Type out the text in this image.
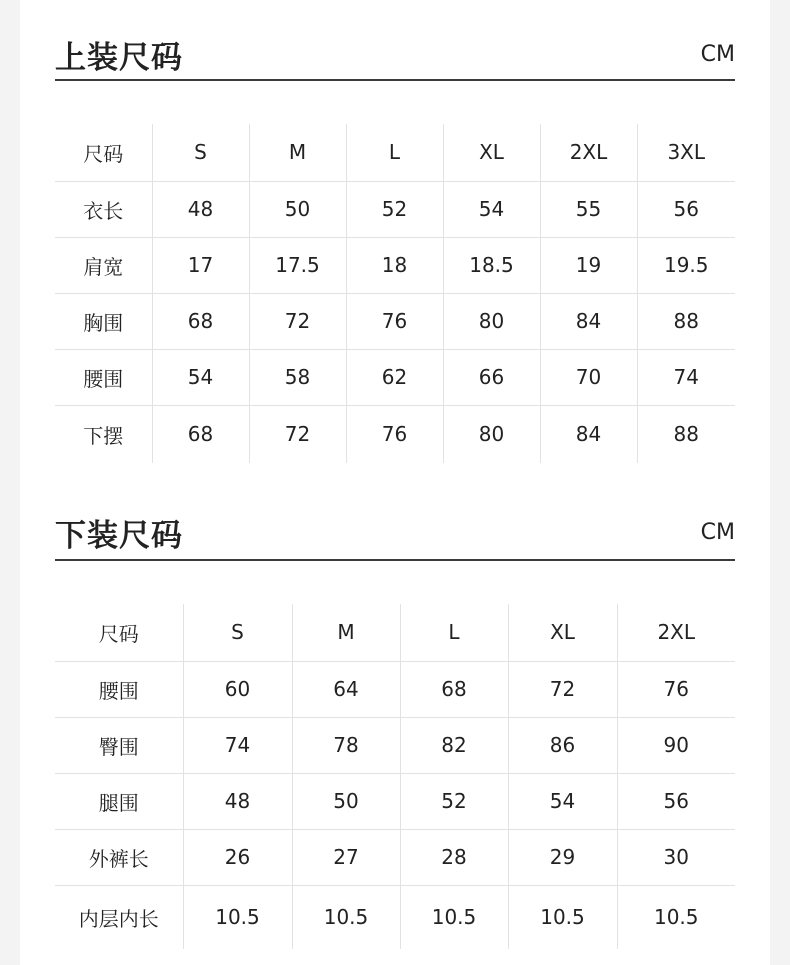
上装尺码	CM
尺码	S	M	L	XL	2XL	3XL
衣长	48	50	52	54	55	56
肩宽	17	17.5	18	18.5	19	19.5
胸围	68	72	76	80	84	88
腰围	54	58	62	66	70	74
下摆	68	72	76	80	84	88
下装尺码	CM
尺码	S	M	L	XL	2XL
腰围	60	64	68	72	76
臀围	74	78	82	86	90
腿围	48	50	52	54	56
外裤长	26	27	28	29	30
内层内长	10.5	10.5	10.5	10.5	10.5
